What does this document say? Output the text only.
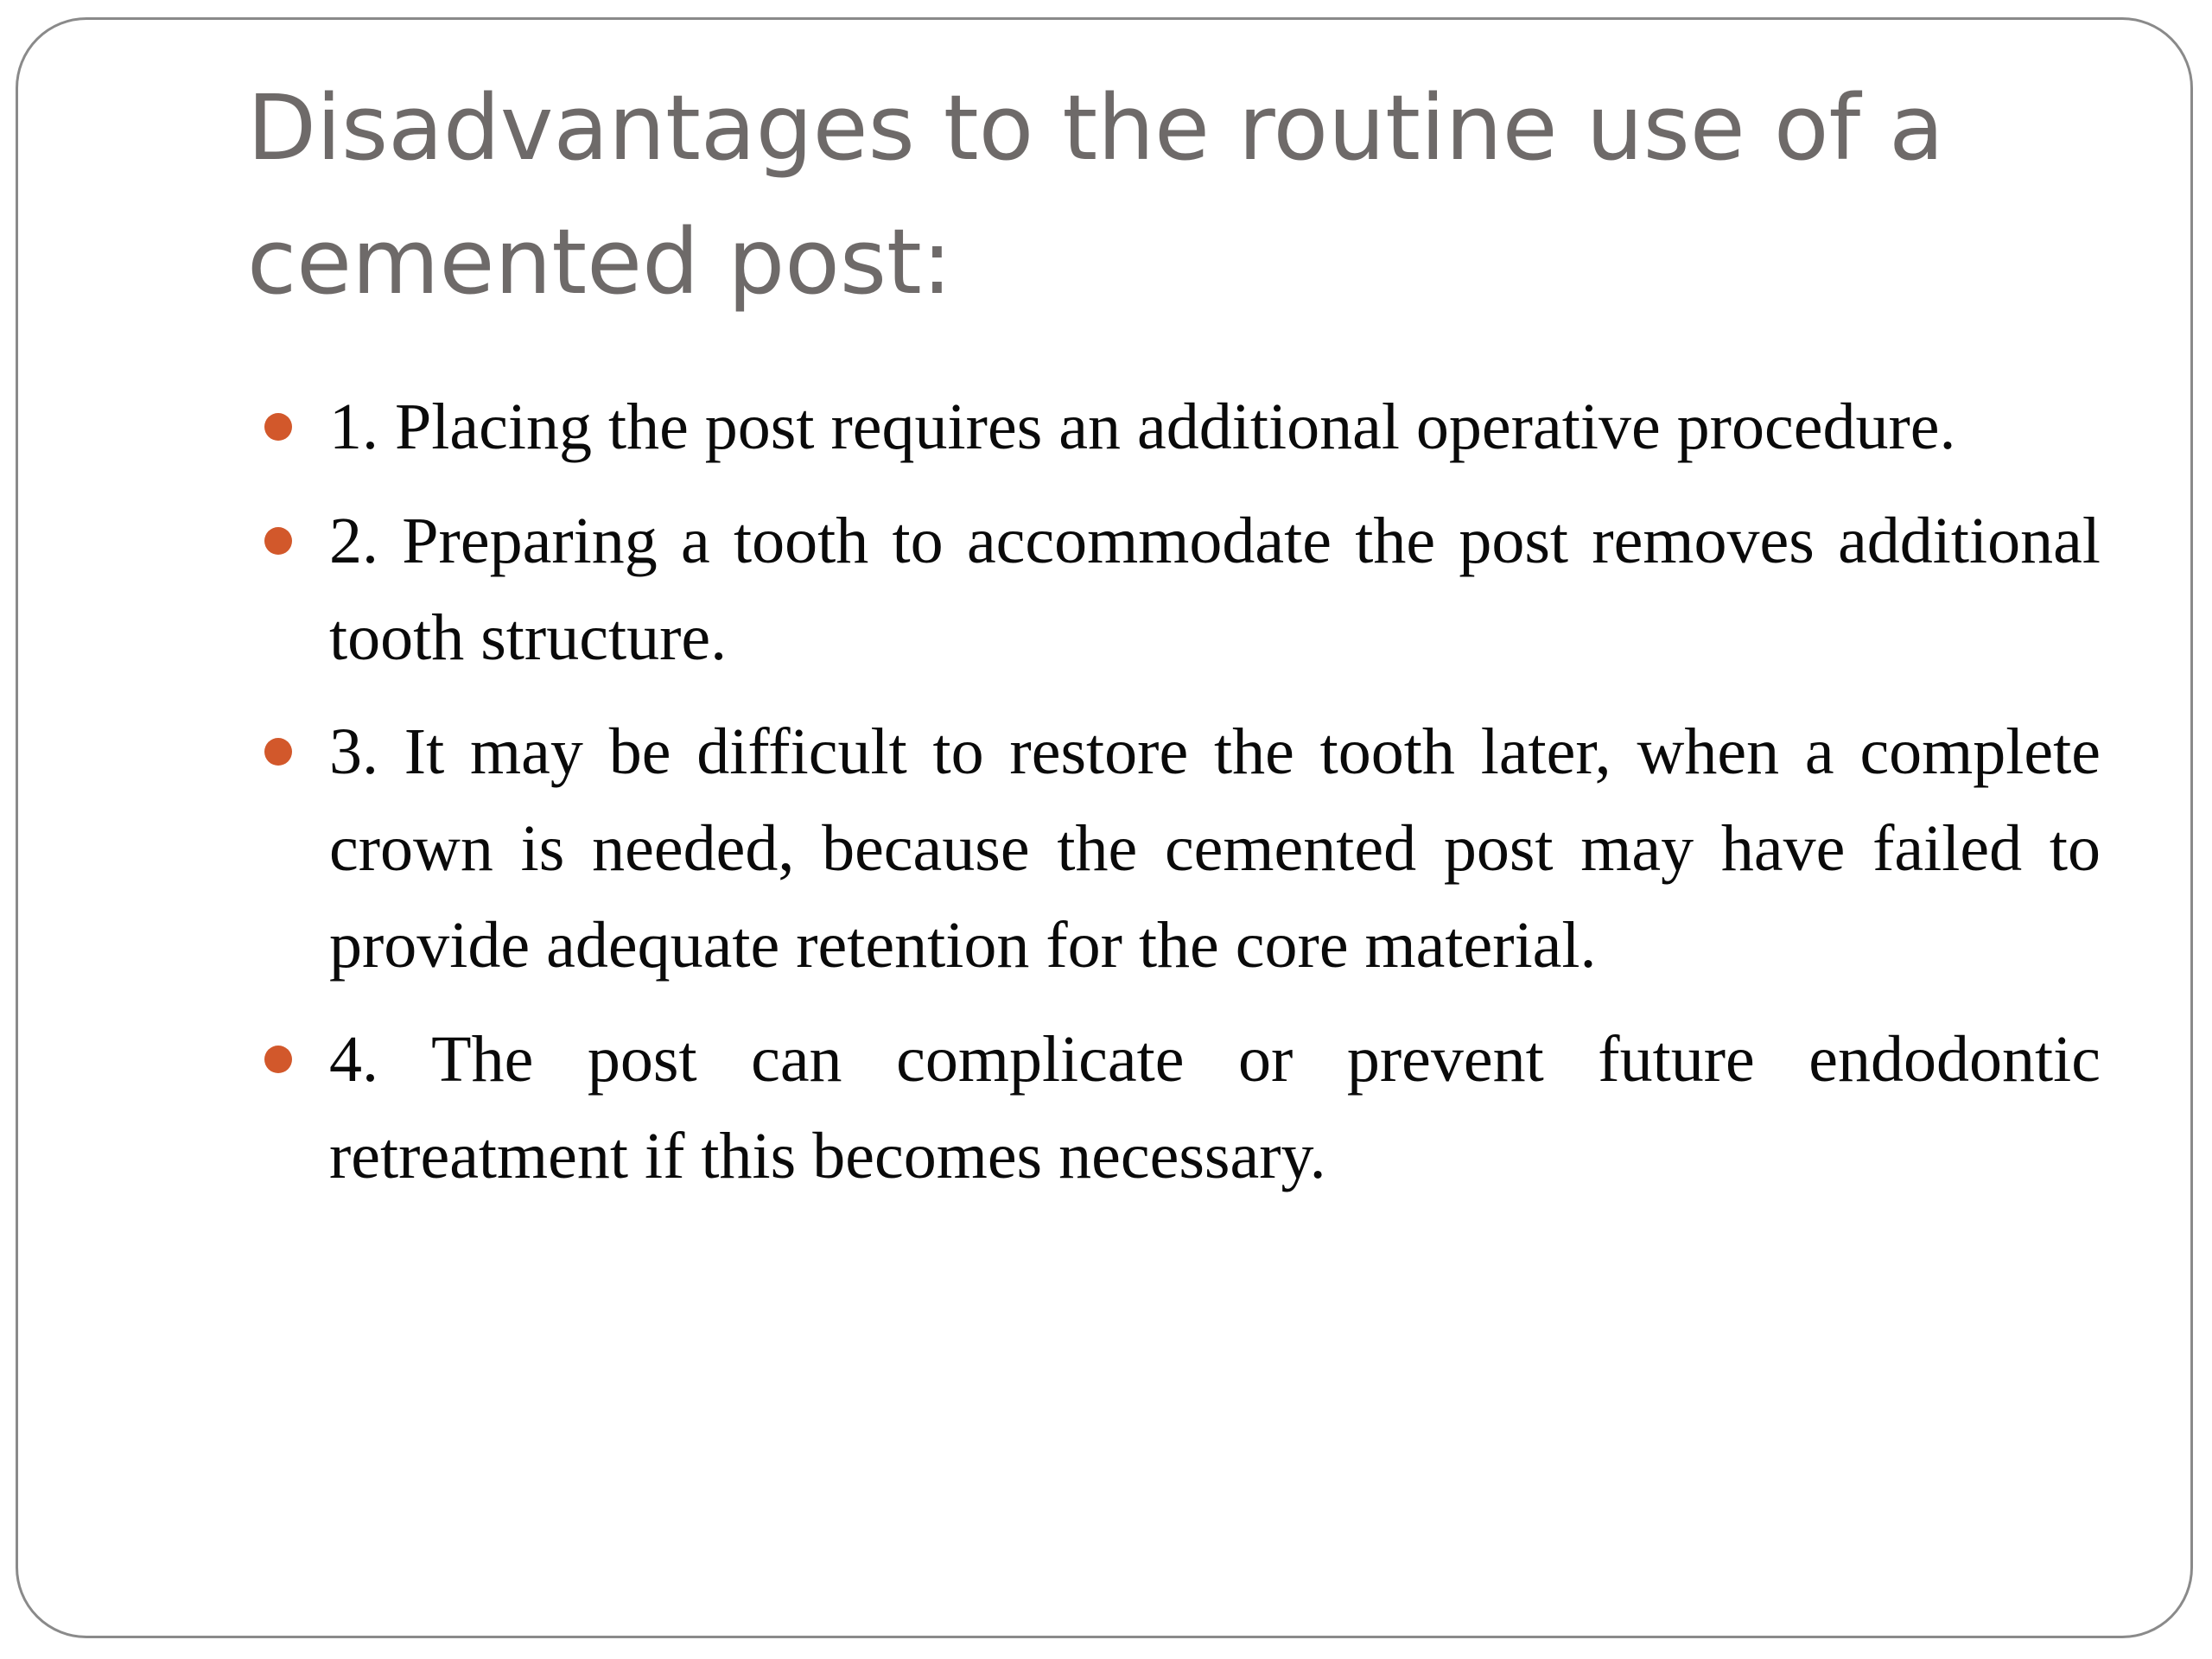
Disadvantages to the routine use of a cemented post:
1. Placing the post requires an additional operative procedure.
2. Preparing a tooth to accommodate the post removes additional tooth structure.
3. It may be difficult to restore the tooth later, when a complete crown is needed, because the cemented post may have failed to provide adequate retention for the core material.
4. The post can complicate or prevent future endodontic retreatment if this becomes necessary.
